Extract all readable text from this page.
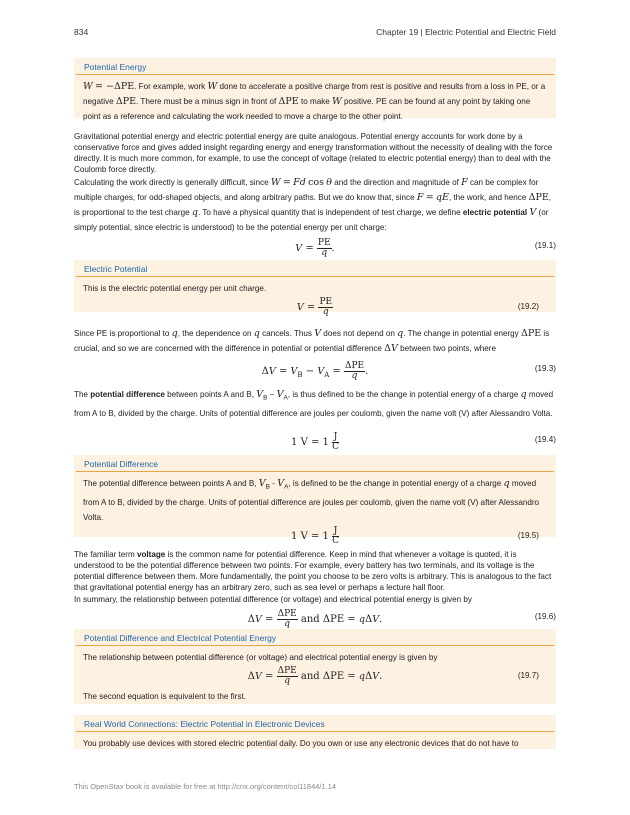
834	Chapter 19 | Electric Potential and Electric Field
Potential Energy
W = −ΔPE. For example, work W done to accelerate a positive charge from rest is positive and results from a loss in PE, or a negative ΔPE. There must be a minus sign in front of ΔPE to make W positive. PE can be found at any point by taking one point as a reference and calculating the work needed to move a charge to the other point.
Gravitational potential energy and electric potential energy are quite analogous. Potential energy accounts for work done by a conservative force and gives added insight regarding energy and energy transformation without the necessity of dealing with the force directly. It is much more common, for example, to use the concept of voltage (related to electric potential energy) than to deal with the Coulomb force directly.
Calculating the work directly is generally difficult, since W = Fd cos θ and the direction and magnitude of F can be complex for multiple charges, for odd-shaped objects, and along arbitrary paths. But we do know that, since F = qE, the work, and hence ΔPE, is proportional to the test charge q. To have a physical quantity that is independent of test charge, we define electric potential V (or simply potential, since electric is understood) to be the potential energy per unit charge:
$V = \frac{PE}{q}$ .	(19.1)
Electric Potential
This is the electric potential energy per unit charge.
$V = \frac{PE}{q}$	(19.2)
Since PE is proportional to q, the dependence on q cancels. Thus V does not depend on q. The change in potential energy ΔPE is crucial, and so we are concerned with the difference in potential or potential difference ΔV between two points, where
$\Delta V = V_B - V_A = \frac{\text{ΔPE}}{q}$ .	(19.3)
The potential difference between points A and B, $V_B - V_A$, is thus defined to be the change in potential energy of a charge q moved from A to B, divided by the charge. Units of potential difference are joules per coulomb, given the name volt (V) after Alessandro Volta.
1 $V = 1 \frac{J}{C}$	(19.4)
Potential Difference
The potential difference between points A and B, $V_B - V_A$, is defined to be the change in potential energy of a charge q moved from A to B, divided by the charge. Units of potential difference are joules per coulomb, given the name volt (V) after Alessandro Volta.
1 $V = 1 \frac{J}{C}$	(19.5)
The familiar term voltage is the common name for potential difference. Keep in mind that whenever a voltage is quoted, it is understood to be the potential difference between two points. For example, every battery has two terminals, and its voltage is the potential difference between them. More fundamentally, the point you choose to be zero volts is arbitrary. This is analogous to the fact that gravitational potential energy has an arbitrary zero, such as sea level or perhaps a lecture hall floor.
In summary, the relationship between potential difference (or voltage) and electrical potential energy is given by
$\Delta V = \frac{\text{ΔPE}}{q}$ and ΔPE = qΔV.	(19.6)
Potential Difference and Electrical Potential Energy
The relationship between potential difference (or voltage) and electrical potential energy is given by
$\Delta V = \frac{\text{ΔPE}}{q}$ and ΔPE = qΔV.	(19.7)
The second equation is equivalent to the first.
Real World Connections: Electric Potential in Electronic Devices
You probably use devices with stored electric potential daily. Do you own or use any electronic devices that do not have to
This OpenStax book is available for free at http://cnx.org/content/col11844/1.14
